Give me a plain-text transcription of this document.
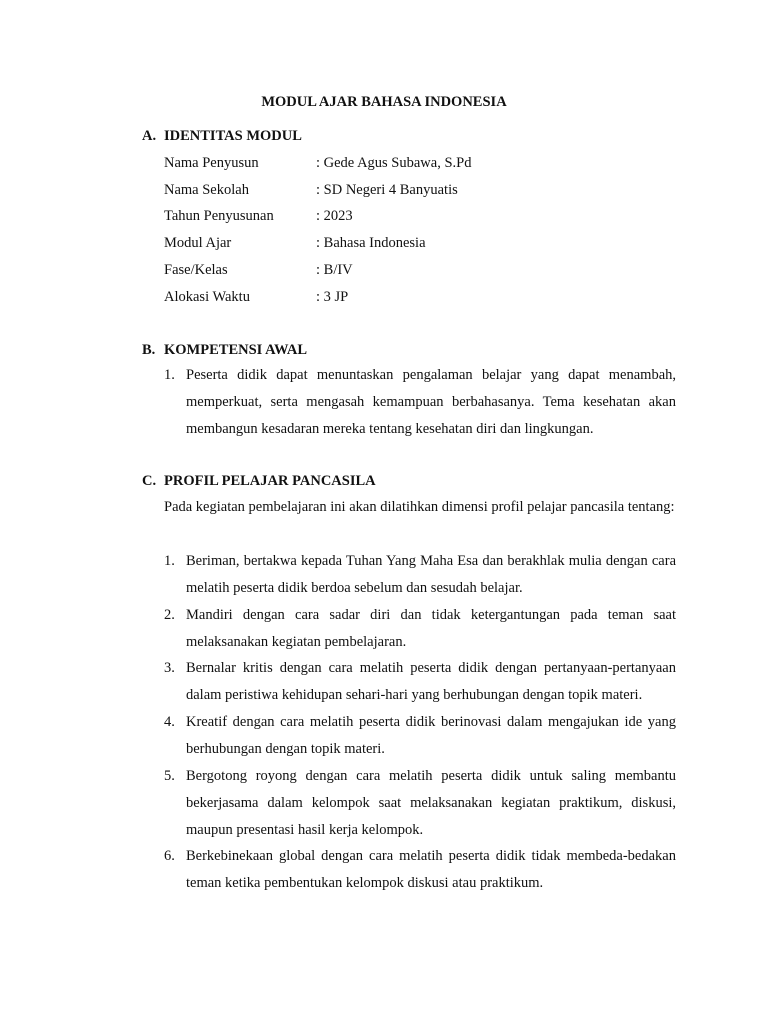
MODUL AJAR BAHASA INDONESIA
A. IDENTITAS MODUL
Nama Penyusun	: Gede Agus Subawa, S.Pd
Nama Sekolah	: SD Negeri 4 Banyuatis
Tahun Penyusunan	: 2023
Modul Ajar	: Bahasa Indonesia
Fase/Kelas	: B/IV
Alokasi Waktu	: 3 JP
B. KOMPETENSI AWAL
1. Peserta didik dapat menuntaskan pengalaman belajar yang dapat menambah, memperkuat, serta mengasah kemampuan berbahasanya. Tema kesehatan akan membangun kesadaran mereka tentang kesehatan diri dan lingkungan.
C. PROFIL PELAJAR PANCASILA
Pada kegiatan pembelajaran ini akan dilatihkan dimensi profil pelajar pancasila tentang:
1. Beriman, bertakwa kepada Tuhan Yang Maha Esa dan berakhlak mulia dengan cara melatih peserta didik berdoa sebelum dan sesudah belajar.
2. Mandiri dengan cara sadar diri dan tidak ketergantungan pada teman saat melaksanakan kegiatan pembelajaran.
3. Bernalar kritis dengan cara melatih peserta didik dengan pertanyaan-pertanyaan dalam peristiwa kehidupan sehari-hari yang berhubungan dengan topik materi.
4. Kreatif dengan cara melatih peserta didik berinovasi dalam mengajukan ide yang berhubungan dengan topik materi.
5. Bergotong royong dengan cara melatih peserta didik untuk saling membantu bekerjasama dalam kelompok saat melaksanakan kegiatan praktikum, diskusi, maupun presentasi hasil kerja kelompok.
6. Berkebinekaan global dengan cara melatih peserta didik tidak membeda-bedakan teman ketika pembentukan kelompok diskusi atau praktikum.
